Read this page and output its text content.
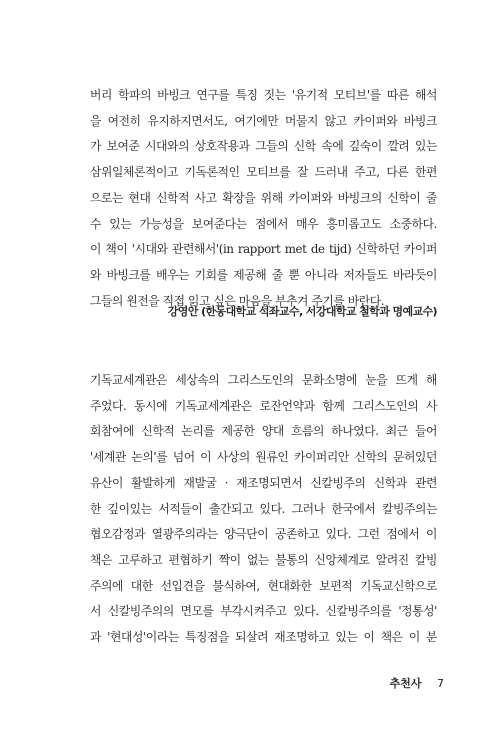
버리 학파의 바빙크 연구를 특징 짓는 '유기적 모티브'를 따른 해석
을 여전히 유지하지면서도, 여기에만 머물지 않고 카이퍼와 바빙크
가 보여준 시대와의 상호작용과 그들의 신학 속에 깊숙이 깔려 있는
삼위일체론적이고 기독론적인 모티브를 잘 드러내 주고, 다른 한편
으로는 현대 신학적 사고 확장을 위해 카이퍼와 바빙크의 신학이 줄
수 있는 가능성을 보여준다는 점에서 매우 흥미롭고도 소중하다.
이 책이 '시대와 관련해서'(in rapport met de tijd) 신학하던 카이퍼
와 바빙크를 배우는 기회를 제공해 줄 뿐 아니라 저자들도 바라듯이
그들의 원전을 직접 읽고 싶은 마음을 부추겨 주기를 바란다.
강영안 (한동대학교 석좌교수, 서강대학교 철학과 명예교수)
기독교세계관은 세상속의 그리스도인의 문화소명에 눈을 뜨게 해
주었다. 동시에 기독교세계관은 로잔언약과 함께 그리스도인의 사
회참여에 신학적 논리를 제공한 양대 흐름의 하나였다. 최근 들어
'세계관 논의'를 넘어 이 사상의 원류인 카이퍼리안 신학의 문허있던
유산이 활발하게 재발굴 · 재조명되면서 신칼빙주의 신학과 관련
한 깊이있는 서적들이 출간되고 있다. 그러나 한국에서 칼빙주의는
협오감정과 열광주의라는 양극단이 공존하고 있다. 그런 점에서 이
책은 고루하고 편협하기 짝이 없는 불통의 신앙체계로 알려진 칼빙
주의에 대한 선입견을 불식하여, 현대화한 보편적 기독교신학으로
서 신칼빙주의의 면모를 부각시켜주고 있다. 신칼빙주의를 '정통성'
과 '현대성'이라는 특징점을 되살려 재조명하고 있는 이 책은 이 분
추천사 7
